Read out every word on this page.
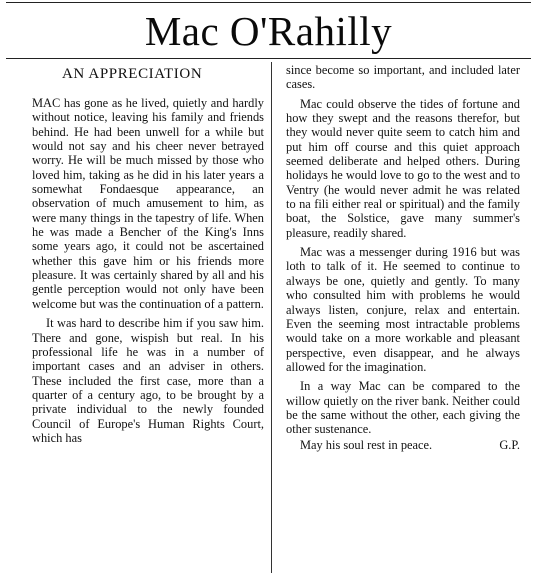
Mac O'Rahilly
AN APPRECIATION

MAC has gone as he lived, quietly and hardly without notice, leaving his family and friends behind. He had been unwell for a while but would not say and his cheer never betrayed worry. He will be much missed by those who loved him, taking as he did in his later years a somewhat Fondaesque appearance, an observation of much amusement to him, as were many things in the tapestry of life. When he was made a Bencher of the King's Inns some years ago, it could not be ascertained whether this gave him or his friends more pleasure. It was certainly shared by all and his gentle perception would not only have been welcome but was the continuation of a pattern.

It was hard to describe him if you saw him. There and gone, wispish but real. In his professional life he was in a number of important cases and an adviser in others. These included the first case, more than a quarter of a century ago, to be brought by a private individual to the newly founded Council of Europe's Human Rights Court, which has

since become so important, and included later cases.

Mac could observe the tides of fortune and how they swept and the reasons therefor, but they would never quite seem to catch him and put him off course and this quiet approach seemed deliberate and helped others. During holidays he would love to go to the west and to Ventry (he would never admit he was related to na fili either real or spiritual) and the family boat, the Solstice, gave many summer's pleasure, readily shared.

Mac was a messenger during 1916 but was loth to talk of it. He seemed to continue to always be one, quietly and gently. To many who consulted him with problems he would always listen, conjure, relax and entertain. Even the seeming most intractable problems would take on a more workable and pleasant perspective, even disappear, and he always allowed for the imagination.

In a way Mac can be compared to the willow quietly on the river bank. Neither could be the same without the other, each giving the other sustenance.

May his soul rest in peace.	G.P.
